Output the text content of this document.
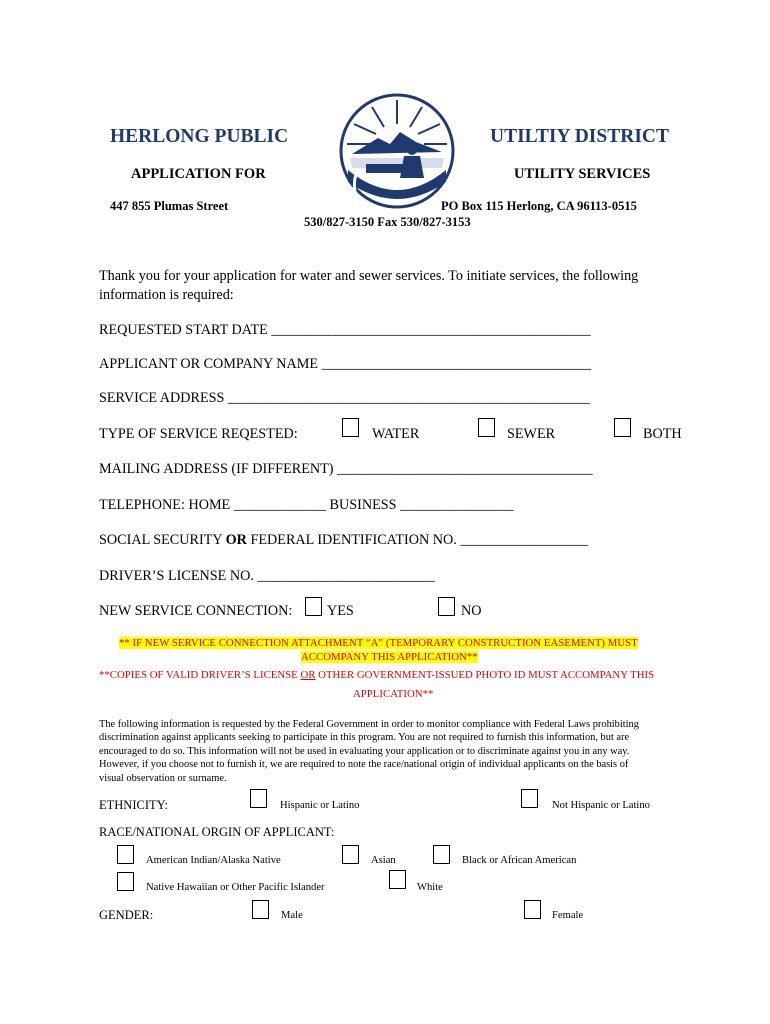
HERLONG PUBLIC	UTILTIY DISTRICT
APPLICATION FOR	UTILITY SERVICES
447 855 Plumas Street	PO Box 115 Herlong, CA 96113-0515
530/827-3150 Fax 530/827-3153
Thank you for your application for water and sewer services. To initiate services, the following
information is required:
REQUESTED START DATE _____________________________________________
APPLICANT OR COMPANY NAME ______________________________________
SERVICE ADDRESS ___________________________________________________
TYPE OF SERVICE REQESTED:	WATER	SEWER	BOTH
MAILING ADDRESS (IF DIFFERENT) ____________________________________
TELEPHONE: HOME _____________ BUSINESS ________________
SOCIAL SECURITY OR FEDERAL IDENTIFICATION NO. __________________
DRIVER’S LICENSE NO. _________________________
NEW SERVICE CONNECTION: YES	NO
** IF NEW SERVICE CONNECTION ATTACHMENT “A” (TEMPORARY CONSTRUCTION EASEMENT) MUST
ACCOMPANY THIS APPLICATION**
**COPIES OF VALID DRIVER’S LICENSE OR OTHER GOVERNMENT-ISSUED PHOTO ID MUST ACCOMPANY THIS
APPLICATION**
The following information is requested by the Federal Government in order to monitor compliance with Federal Laws prohibiting
discrimination against applicants seeking to participate in this program. You are not required to furnish this information, but are
encouraged to do so. This information will not be used in evaluating your application or to discriminate against you in any way.
However, if you choose not to furnish it, we are required to note the race/national origin of individual applicants on the basis of
visual observation or surname.
ETHNICITY:	Hispanic or Latino	Not Hispanic or Latino
RACE/NATIONAL ORGIN OF APPLICANT:
American Indian/Alaska Native	Asian	Black or African American
Native Hawaiian or Other Pacific Islander	White
GENDER:	Male	Female
